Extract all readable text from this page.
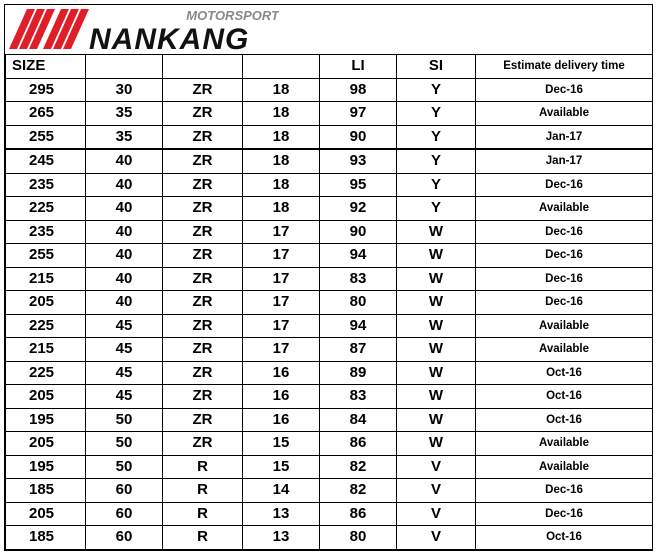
MOTORSPORT
NANKANG
SIZE				LI	SI	Estimate delivery time
295	30	ZR	18	98	Y	Dec-16
265	35	ZR	18	97	Y	Available
255	35	ZR	18	90	Y	Jan-17
245	40	ZR	18	93	Y	Jan-17
235	40	ZR	18	95	Y	Dec-16
225	40	ZR	18	92	Y	Available
235	40	ZR	17	90	W	Dec-16
255	40	ZR	17	94	W	Dec-16
215	40	ZR	17	83	W	Dec-16
205	40	ZR	17	80	W	Dec-16
225	45	ZR	17	94	W	Available
215	45	ZR	17	87	W	Available
225	45	ZR	16	89	W	Oct-16
205	45	ZR	16	83	W	Oct-16
195	50	ZR	16	84	W	Oct-16
205	50	ZR	15	86	W	Available
195	50	R	15	82	V	Available
185	60	R	14	82	V	Dec-16
205	60	R	13	86	V	Dec-16
185	60	R	13	80	V	Oct-16
